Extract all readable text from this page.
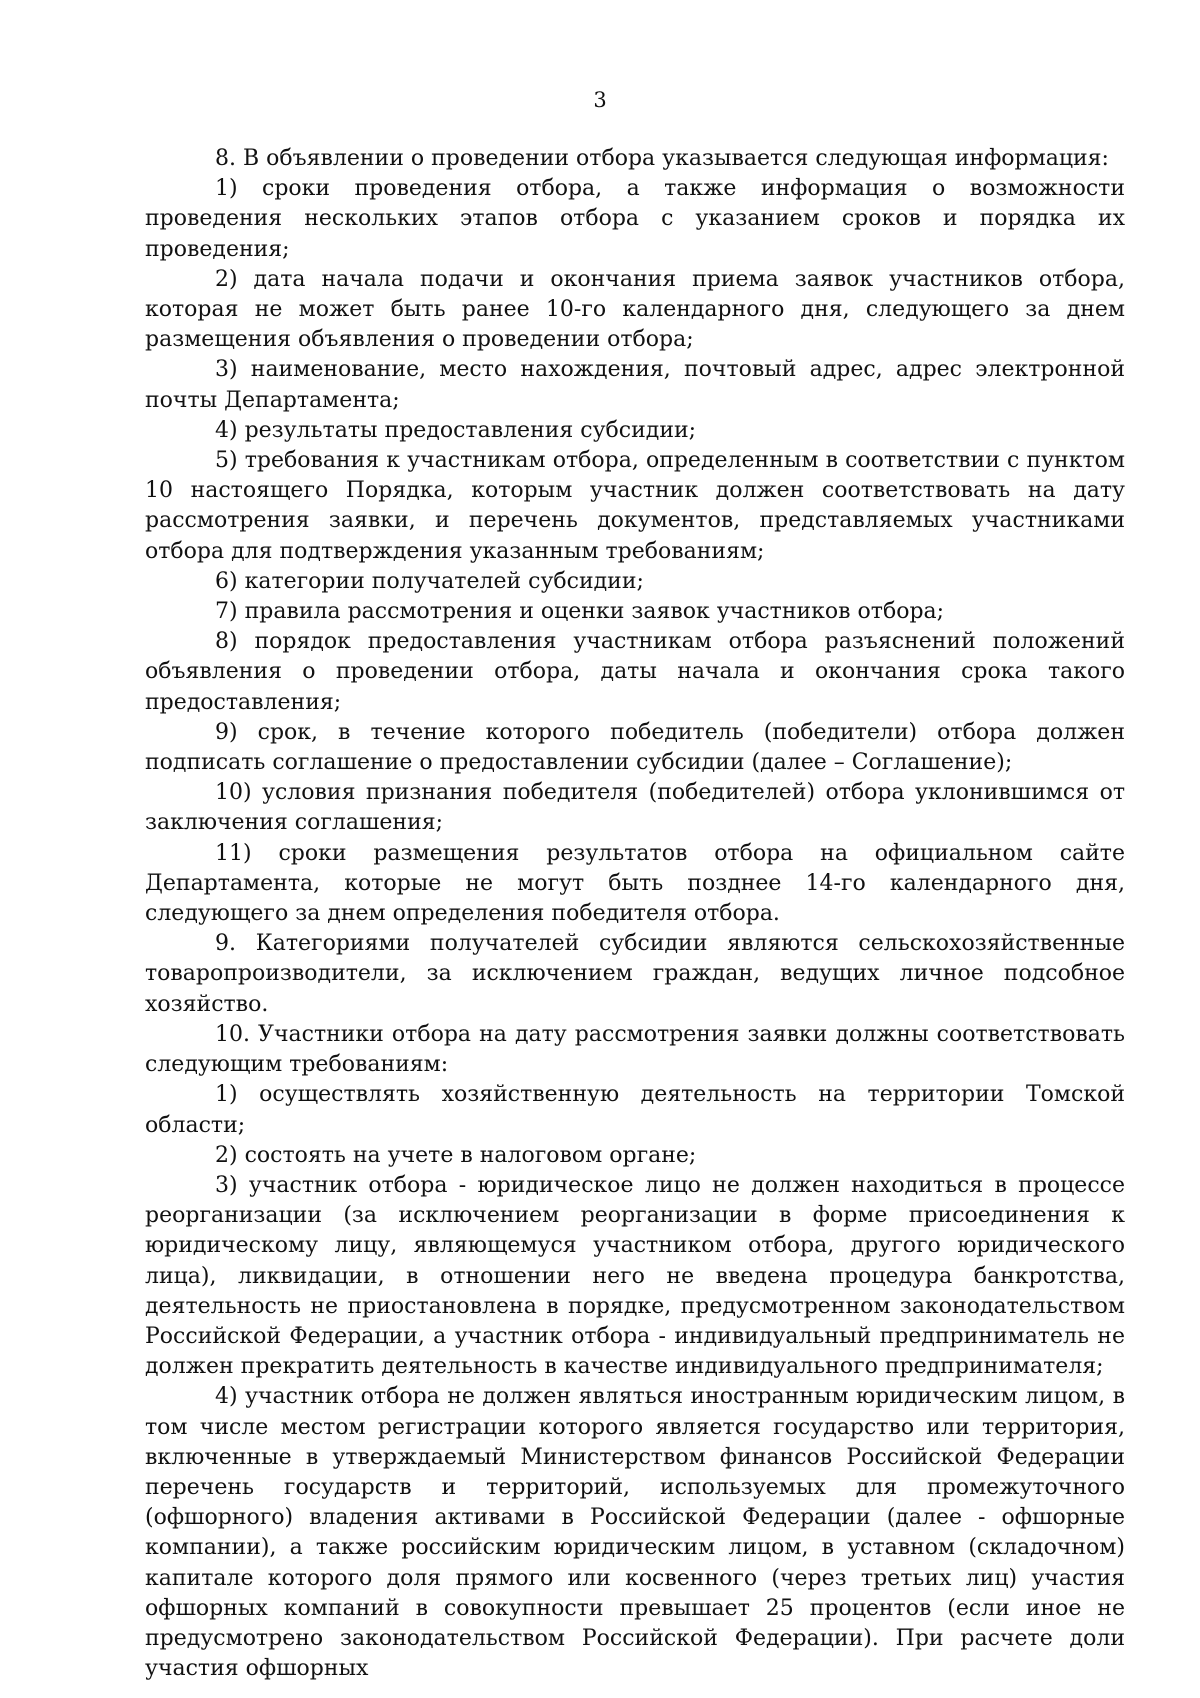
3

8. В объявлении о проведении отбора указывается следующая информация:

1) сроки проведения отбора, а также информация о возможности проведения нескольких этапов отбора с указанием сроков и порядка их проведения;

2) дата начала подачи и окончания приема заявок участников отбора, которая не может быть ранее 10-го календарного дня, следующего за днем размещения объявления о проведении отбора;

3) наименование, место нахождения, почтовый адрес, адрес электронной почты Департамента;

4) результаты предоставления субсидии;

5) требования к участникам отбора, определенным в соответствии с пунктом 10 настоящего Порядка, которым участник должен соответствовать на дату рассмотрения заявки, и перечень документов, представляемых участниками отбора для подтверждения указанным требованиям;

6) категории получателей субсидии;

7) правила рассмотрения и оценки заявок участников отбора;

8) порядок предоставления участникам отбора разъяснений положений объявления о проведении отбора, даты начала и окончания срока такого предоставления;

9) срок, в течение которого победитель (победители) отбора должен подписать соглашение о предоставлении субсидии (далее – Соглашение);

10) условия признания победителя (победителей) отбора уклонившимся от заключения соглашения;

11) сроки размещения результатов отбора на официальном сайте Департамента, которые не могут быть позднее 14-го календарного дня, следующего за днем определения победителя отбора.

9. Категориями получателей субсидии являются сельскохозяйственные товаропроизводители, за исключением граждан, ведущих личное подсобное хозяйство.

10. Участники отбора на дату рассмотрения заявки должны соответствовать следующим требованиям:

1) осуществлять хозяйственную деятельность на территории Томской области;

2) состоять на учете в налоговом органе;

3) участник отбора - юридическое лицо не должен находиться в процессе реорганизации (за исключением реорганизации в форме присоединения к юридическому лицу, являющемуся участником отбора, другого юридического лица), ликвидации, в отношении него не введена процедура банкротства, деятельность не приостановлена в порядке, предусмотренном законодательством Российской Федерации, а участник отбора - индивидуальный предприниматель не должен прекратить деятельность в качестве индивидуального предпринимателя;

4) участник отбора не должен являться иностранным юридическим лицом, в том числе местом регистрации которого является государство или территория, включенные в утверждаемый Министерством финансов Российской Федерации перечень государств и территорий, используемых для промежуточного (офшорного) владения активами в Российской Федерации (далее - офшорные компании), а также российским юридическим лицом, в уставном (складочном) капитале которого доля прямого или косвенного (через третьих лиц) участия офшорных компаний в совокупности превышает 25 процентов (если иное не предусмотрено законодательством Российской Федерации). При расчете доли участия офшорных
